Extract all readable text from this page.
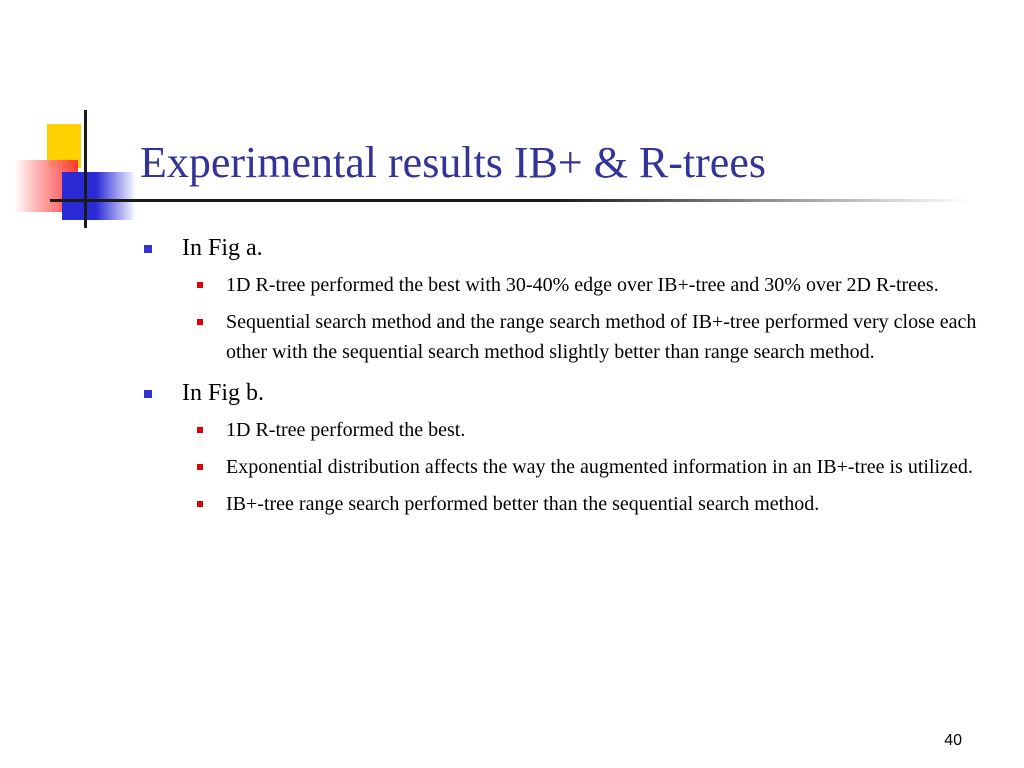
Experimental results IB+ & R-trees
In Fig a.
1D R-tree performed the best with 30-40% edge over IB+-tree and 30% over 2D R-trees.
Sequential search method and the range search method of IB+-tree performed very close each other with the sequential search method slightly better than range search method.
In Fig b.
1D R-tree performed the best.
Exponential distribution affects the way the augmented information in an IB+-tree is utilized.
IB+-tree range search performed better than the sequential search method.
40
